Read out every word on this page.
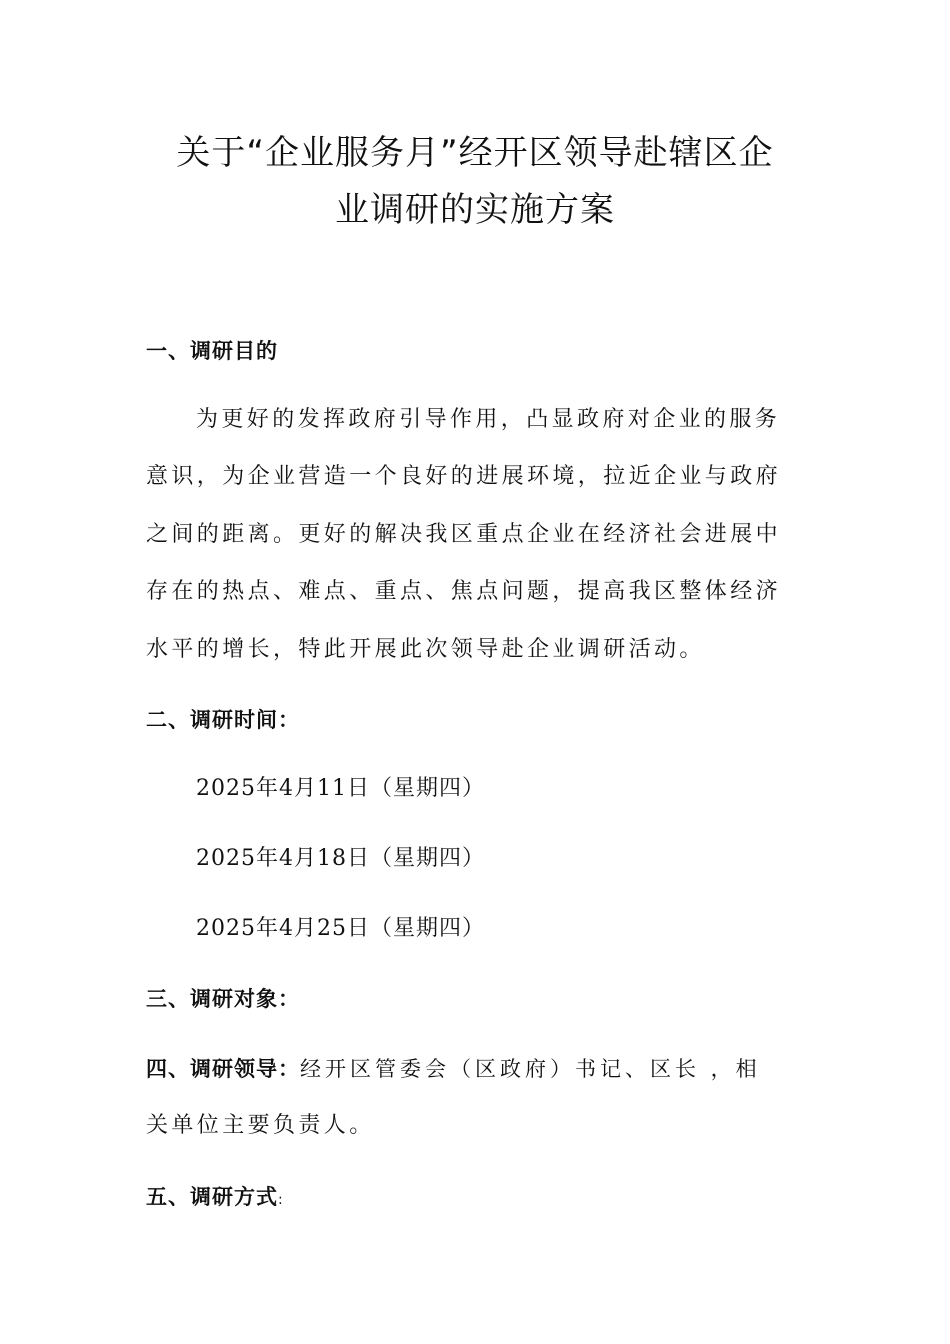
关于“企业服务月”经开区领导赴辖区企
业调研的实施方案
一、调研目的
为更好的发挥政府引导作用，凸显政府对企业的服务
意识，为企业营造一个良好的进展环境，拉近企业与政府
之间的距离。更好的解决我区重点企业在经济社会进展中
存在的热点、难点、重点、焦点问题，提高我区整体经济
水平的增长，特此开展此次领导赴企业调研活动。
二、调研时间：
2025年4月11日（星期四）
2025年4月18日（星期四）
2025年4月25日（星期四）
三、调研对象：
四、调研领导：经开区管委会（区政府）书记、区长 ，相
关单位主要负责人。
五、调研方式:
